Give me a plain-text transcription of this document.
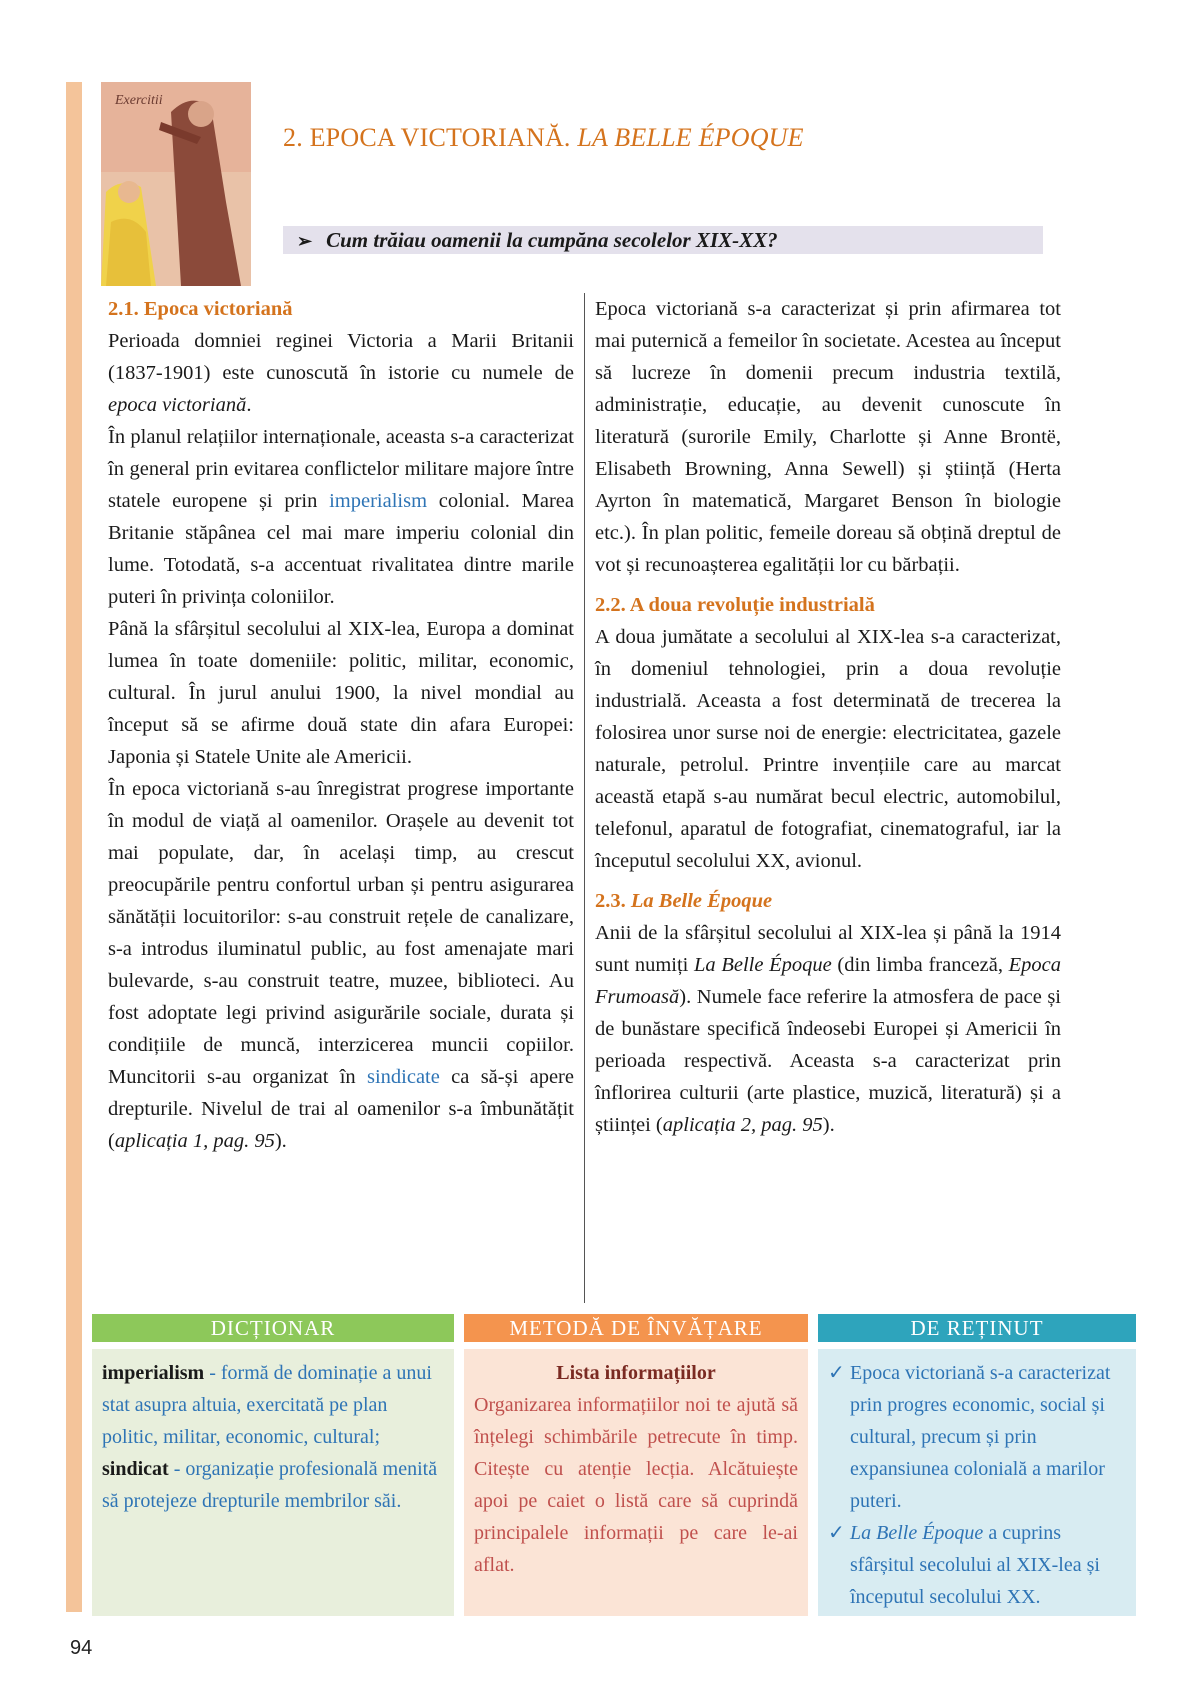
Exercitii
2. EPOCA VICTORIANĂ. LA BELLE ÉPOQUE
➢ Cum trăiau oamenii la cumpăna secolelor XIX-XX?

2.1. Epoca victoriană

Perioada domniei reginei Victoria a Marii Britanii (1837-1901) este cunoscută în istorie cu numele de epoca victoriană.

În planul relațiilor internaționale, aceasta s-a caracterizat în general prin evitarea conflictelor militare majore între statele europene și prin imperialism colonial. Marea Britanie stăpânea cel mai mare imperiu colonial din lume. Totodată, s-a accentuat rivalitatea dintre marile puteri în privința coloniilor.

Până la sfârșitul secolului al XIX-lea, Europa a dominat lumea în toate domeniile: politic, militar, economic, cultural. În jurul anului 1900, la nivel mondial au început să se afirme două state din afara Europei: Japonia și Statele Unite ale Americii.

În epoca victoriană s-au înregistrat progrese importante în modul de viață al oamenilor. Orașele au devenit tot mai populate, dar, în același timp, au crescut preocupările pentru confortul urban și pentru asigurarea sănătății locuitorilor: s-au construit rețele de canalizare, s-a introdus iluminatul public, au fost amenajate mari bulevarde, s-au construit teatre, muzee, biblioteci. Au fost adoptate legi privind asigurările sociale, durata și condițiile de muncă, interzicerea muncii copiilor. Muncitorii s-au organizat în sindicate ca să-și apere drepturile. Nivelul de trai al oamenilor s-a îmbunătățit (aplicația 1, pag. 95).

Epoca victoriană s-a caracterizat și prin afirmarea tot mai puternică a femeilor în societate. Acestea au început să lucreze în domenii precum industria textilă, administrație, educație, au devenit cunoscute în literatură (surorile Emily, Charlotte și Anne Brontë, Elisabeth Browning, Anna Sewell) și știință (Herta Ayrton în matematică, Margaret Benson în biologie etc.). În plan politic, femeile doreau să obțină dreptul de vot și recunoașterea egalității lor cu bărbații.

2.2. A doua revoluție industrială

A doua jumătate a secolului al XIX-lea s-a caracterizat, în domeniul tehnologiei, prin a doua revoluție industrială. Aceasta a fost determinată de trecerea la folosirea unor surse noi de energie: electricitatea, gazele naturale, petrolul. Printre invențiile care au marcat această etapă s-au numărat becul electric, automobilul, telefonul, aparatul de fotografiat, cinematograful, iar la începutul secolului XX, avionul.

2.3. La Belle Époque

Anii de la sfârșitul secolului al XIX-lea și până la 1914 sunt numiți La Belle Époque (din limba franceză, Epoca Frumoasă). Numele face referire la atmosfera de pace și de bunăstare specifică îndeosebi Europei și Americii în perioada respectivă. Aceasta s-a caracterizat prin înflorirea culturii (arte plastice, muzică, literatură) și a științei (aplicația 2, pag. 95).

DICȚIONAR
imperialism - formă de dominație a unui stat asupra altuia, exercitată pe plan politic, militar, economic, cultural;
sindicat - organizație profesională menită să protejeze drepturile membrilor săi.
METODĂ DE ÎNVĂȚARE
Lista informațiilor
Organizarea informațiilor noi te ajută să înțelegi schimbările petrecute în timp. Citește cu atenție lecția. Alcătuiește apoi pe caiet o listă care să cuprindă principalele informații pe care le-ai aflat.
DE REȚINUT
✓ Epoca victoriană s-a caracterizat prin progres economic, social și cultural, precum și prin expansiunea colonială a marilor puteri.
✓ La Belle Époque a cuprins sfârșitul secolului al XIX-lea și începutul secolului XX.
94
